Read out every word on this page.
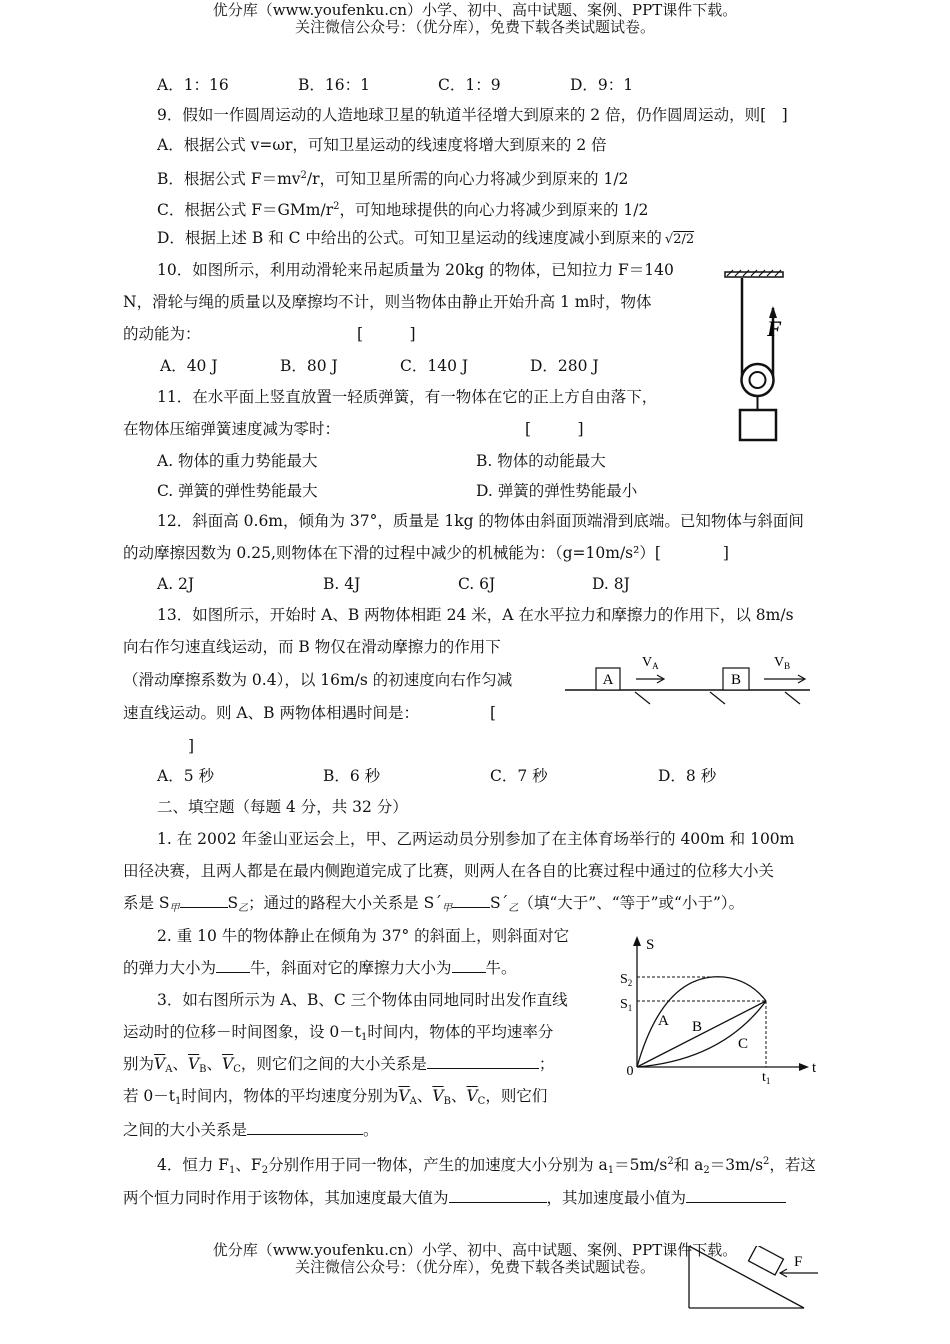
优分库（www.youfenku.cn）小学、初中、高中试题、案例、PPT课件下载。
关注微信公众号：（优分库），免费下载各类试题试卷。
A．1：16	B．16：1	C．1：9	D．9：1
9．假如一作圆周运动的人造地球卫星的轨道半径增大到原来的 2 倍，仍作圆周运动，则[　]
A．根据公式 v=ωr，可知卫星运动的线速度将增大到原来的 2 倍
B．根据公式 $F=mv^2/r$，可知卫星所需的向心力将减少到原来的 1/2
C．根据公式 $F=GMm/r^2$，可知地球提供的向心力将减少到原来的 1/2
D．根据上述 B 和 C 中给出的公式。可知卫星运动的线速度减小到原来的 √2/2
10．如图所示，利用动滑轮来吊起质量为 20kg 的物体，已知拉力 F＝140
N，滑轮与绳的质量以及摩擦均不计，则当物体由静止开始升高 1 m时，物体
的动能为：	[　　　]
A．40 J	B．80 J	C．140 J	D．280 J
F
11．在水平面上竖直放置一轻质弹簧，有一物体在它的正上方自由落下，
在物体压缩弹簧速度减为零时：	[　　　]
A. 物体的重力势能最大	B. 物体的动能最大
C. 弹簧的弹性势能最大	D. 弹簧的弹性势能最小
12．斜面高 0.6m，倾角为 37°，质量是 1kg 的物体由斜面顶端滑到底端。已知物体与斜面间
的动摩擦因数为 0.25,则物体在下滑的过程中减少的机械能为：（g=10m/s²）[　　　　]
A. 2J	B. 4J	C. 6J	D. 8J
13．如图所示，开始时 A、B 两物体相距 24 米，A 在水平拉力和摩擦力的作用下，以 8m/s
向右作匀速直线运动，而 B 物仅在滑动摩擦力的作用下
（滑动摩擦系数为 0.4），以 16m/s 的初速度向右作匀减
速直线运动。则 A、B 两物体相遇时间是：	[
]
A．5 秒	B．6 秒	C．7 秒	D．8 秒
A	B
$V_A$	$V_B$
二、填空题（每题 4 分，共 32 分）
1. 在 2002 年釜山亚运会上，甲、乙两运动员分别参加了在主体育场举行的 400m 和 100m
田径决赛，且两人都是在最内侧跑道完成了比赛，则两人在各自的比赛过程中通过的位移大小关
系是 $S_甲$	$S_乙$；通过的路程大小关系是 $S´_甲$ $S´_乙$（填“大于”、“等于”或“小于”）。
2. 重 10 牛的物体静止在倾角为 37° 的斜面上，则斜面对它
的弹力大小为 牛，斜面对它的摩擦力大小为 牛。
3．如右图所示为 A、B、C 三个物体由同地同时出发作直线
运动时的位移－时间图象，设 $0-t_1$时间内，物体的平均速率分
别为$\overline{V}_A$、$\overline{V}_B$、$\overline{V}_C$，则它们之间的大小关系是	；
若 $0-t_1$时间内，物体的平均速度分别为$\overline{V}_A$、$\overline{V}_B$、$\overline{V}_C$，则它们
之间的大小关系是	。
S
t
0
$S_2$
$S_1$
$t_1$
A B
C
4．恒力 $F_1$、$F_2$分别作用于同一物体，产生的加速度大小分别为 $a_1=5m/s^2$和 $a_2=3m/s^2$，若这
两个恒力同时作用于该物体，其加速度最大值为	，其加速度最小值为
优分库（www.youfenku.cn）小学、初中、高中试题、案例、PPT课件下载。
关注微信公众号：（优分库），免费下载各类试题试卷。	F
